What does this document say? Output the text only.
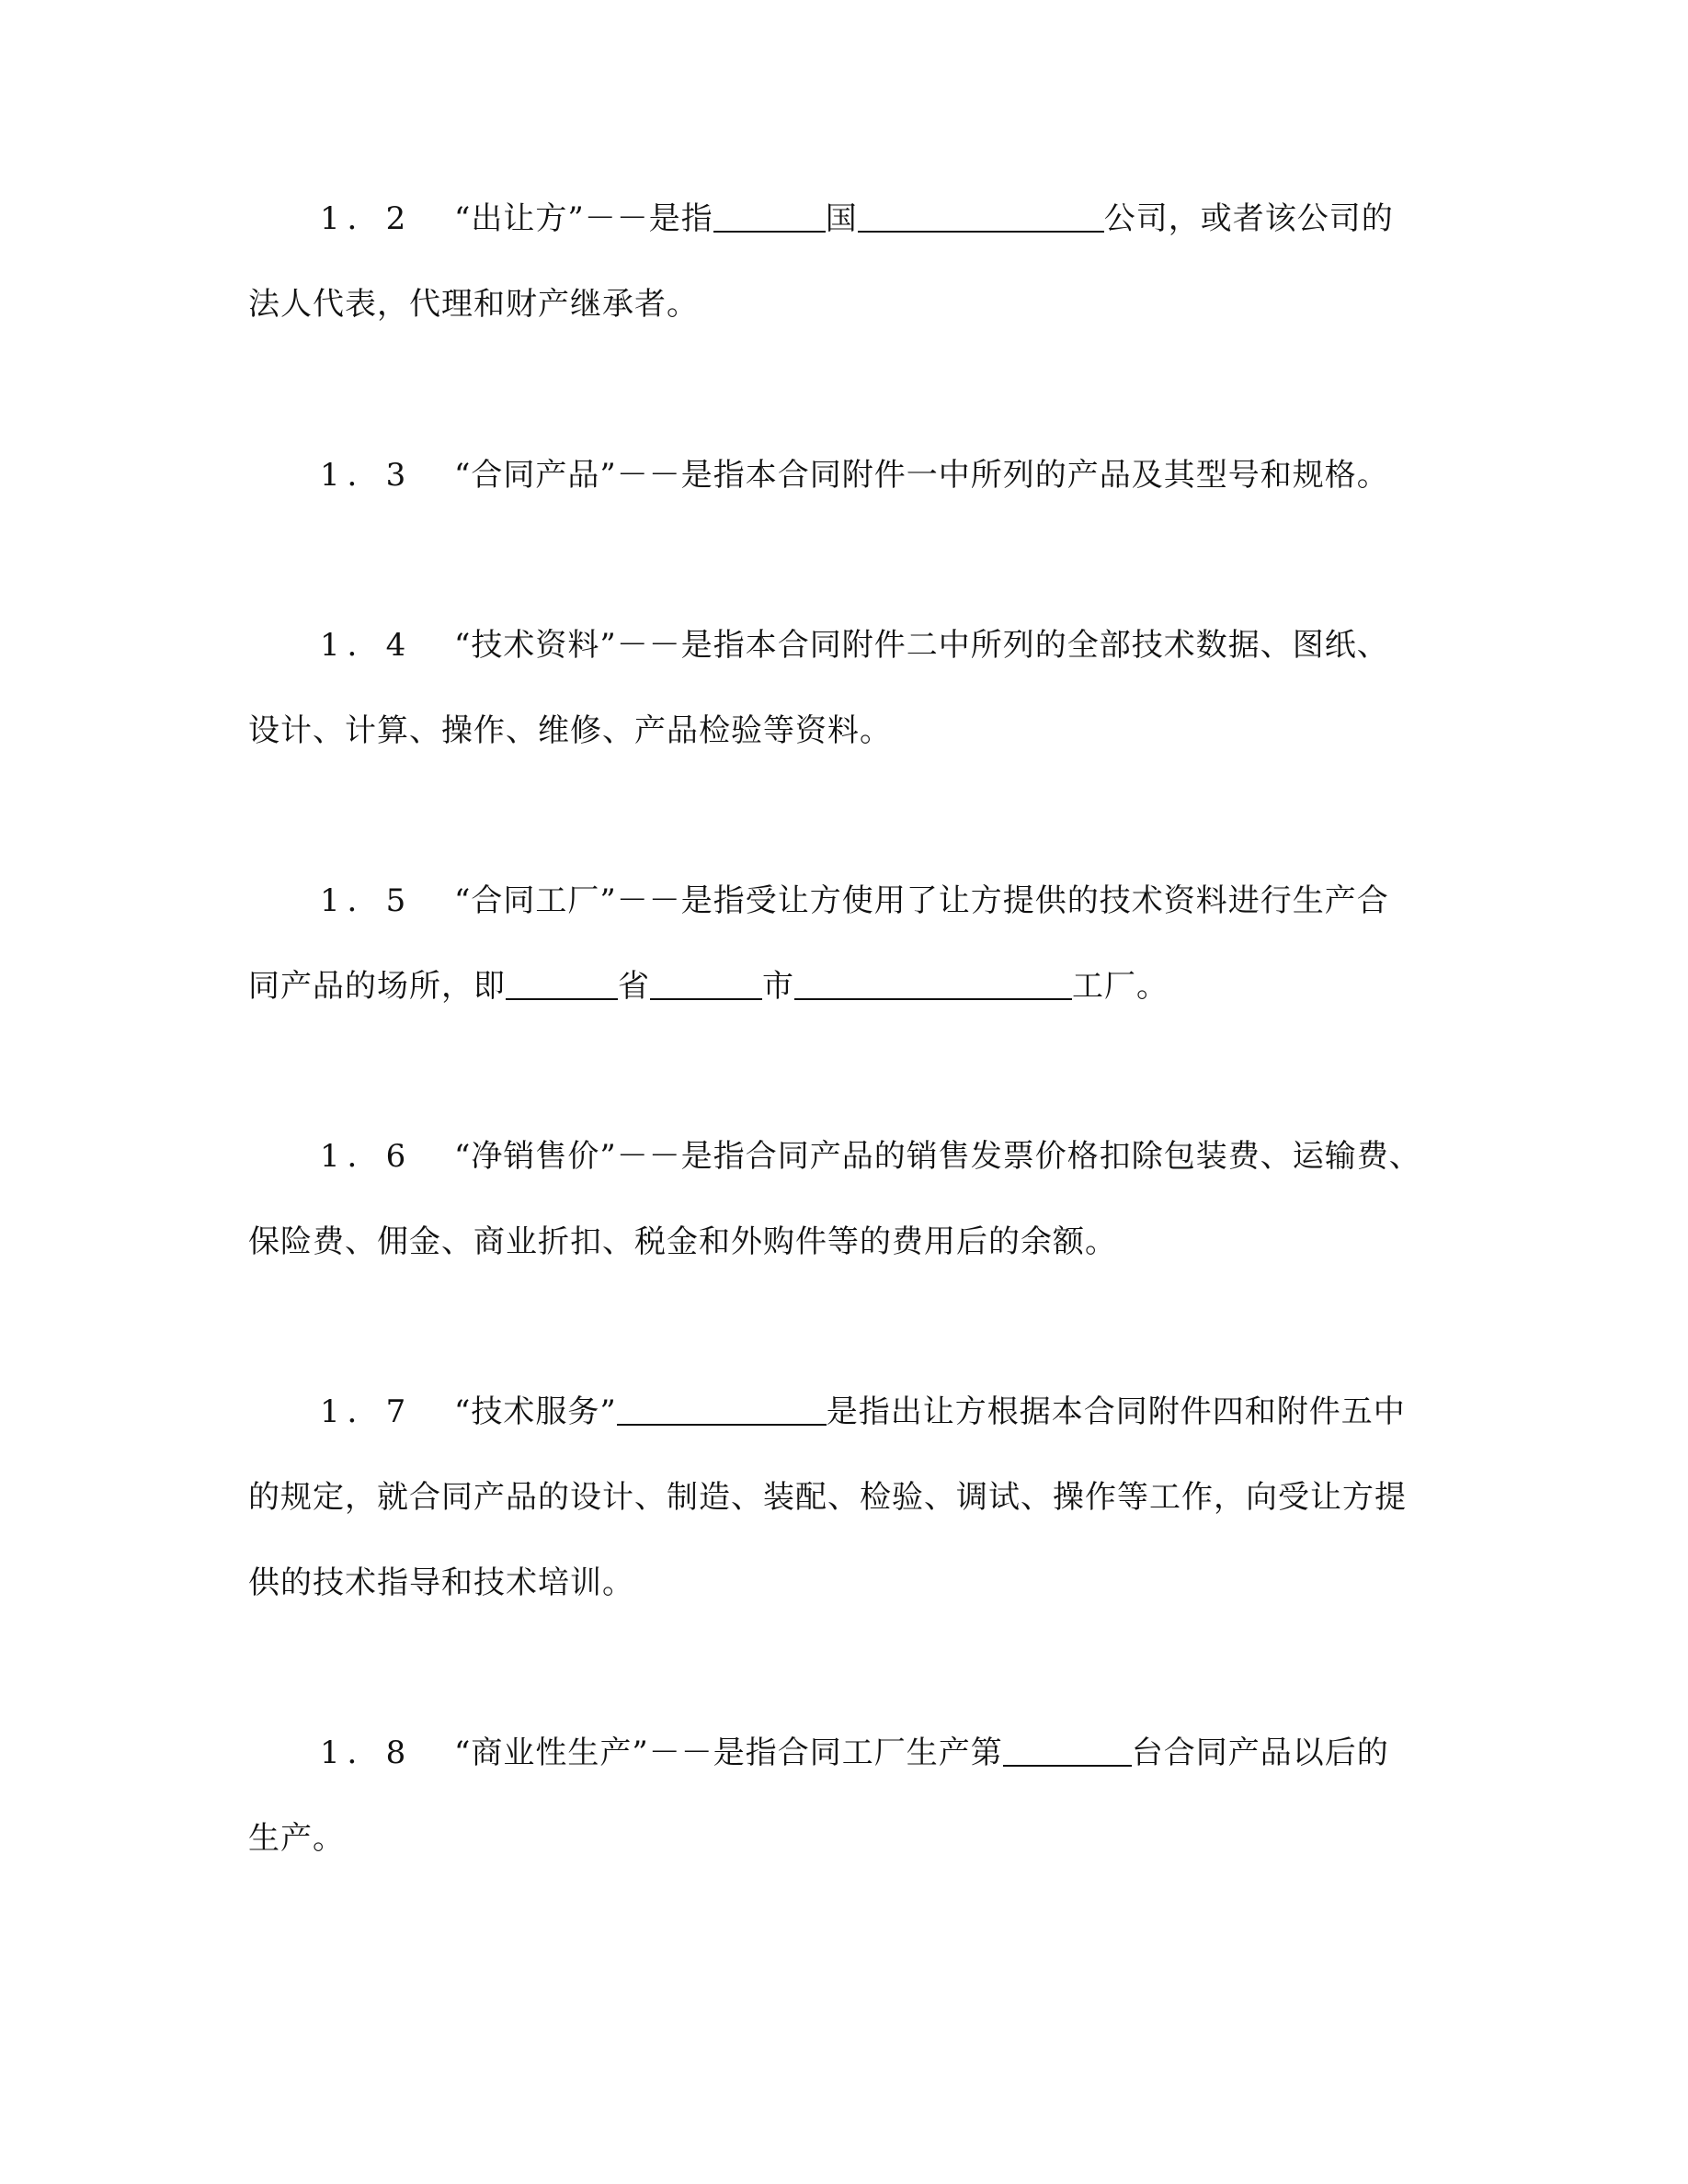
1．2 “出让方”－－是指	国	公司，或者该公司的
法人代表，代理和财产继承者。
1．3 “合同产品”－－是指本合同附件一中所列的产品及其型号和规格。
1．4 “技术资料”－－是指本合同附件二中所列的全部技术数据、图纸、
设计、计算、操作、维修、产品检验等资料。
1．5 “合同工厂”－－是指受让方使用了让方提供的技术资料进行生产合
同产品的场所，即	省	市	工厂。
1．6 “净销售价”－－是指合同产品的销售发票价格扣除包装费、运输费、
保险费、佣金、商业折扣、税金和外购件等的费用后的余额。
1．7 “技术服务”	是指出让方根据本合同附件四和附件五中
的规定，就合同产品的设计、制造、装配、检验、调试、操作等工作，向受让方提
供的技术指导和技术培训。
1．8 “商业性生产”－－是指合同工厂生产第	台合同产品以后的
生产。
